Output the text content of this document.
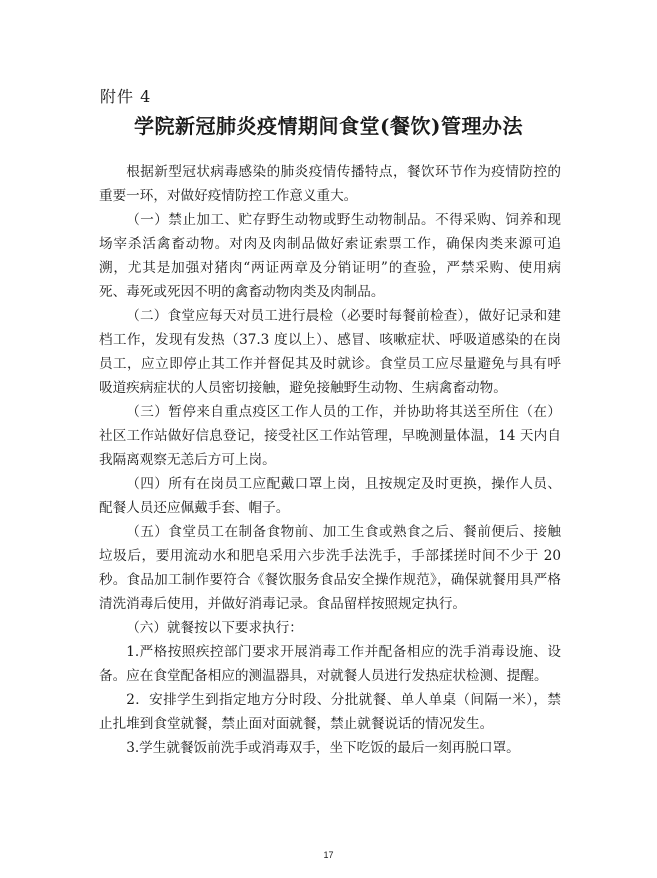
附件 4
学院新冠肺炎疫情期间食堂(餐饮)管理办法

根据新型冠状病毒感染的肺炎疫情传播特点，餐饮环节作为疫情防控的重要一环，对做好疫情防控工作意义重大。

（一）禁止加工、贮存野生动物或野生动物制品。不得采购、饲养和现场宰杀活禽畜动物。对肉及肉制品做好索证索票工作，确保肉类来源可追溯，尤其是加强对猪肉“两证两章及分销证明”的查验，严禁采购、使用病死、毒死或死因不明的禽畜动物肉类及肉制品。

（二）食堂应每天对员工进行晨检（必要时每餐前检查），做好记录和建档工作，发现有发热（37.3 度以上）、感冒、咳嗽症状、呼吸道感染的在岗员工，应立即停止其工作并督促其及时就诊。食堂员工应尽量避免与具有呼吸道疾病症状的人员密切接触，避免接触野生动物、生病禽畜动物。

（三）暂停来自重点疫区工作人员的工作，并协助将其送至所住（在）社区工作站做好信息登记，接受社区工作站管理，早晚测量体温，14 天内自我隔离观察无恙后方可上岗。

（四）所有在岗员工应配戴口罩上岗，且按规定及时更换，操作人员、配餐人员还应佩戴手套、帽子。

（五）食堂员工在制备食物前、加工生食或熟食之后、餐前便后、接触垃圾后，要用流动水和肥皂采用六步洗手法洗手，手部揉搓时间不少于 20 秒。食品加工制作要符合《餐饮服务食品安全操作规范》，确保就餐用具严格清洗消毒后使用，并做好消毒记录。食品留样按照规定执行。

（六）就餐按以下要求执行：

1.严格按照疾控部门要求开展消毒工作并配备相应的洗手消毒设施、设备。应在食堂配备相应的测温器具，对就餐人员进行发热症状检测、提醒。

2．安排学生到指定地方分时段、分批就餐、单人单桌（间隔一米），禁止扎堆到食堂就餐，禁止面对面就餐，禁止就餐说话的情况发生。

3.学生就餐饭前洗手或消毒双手，坐下吃饭的最后一刻再脱口罩。

17
